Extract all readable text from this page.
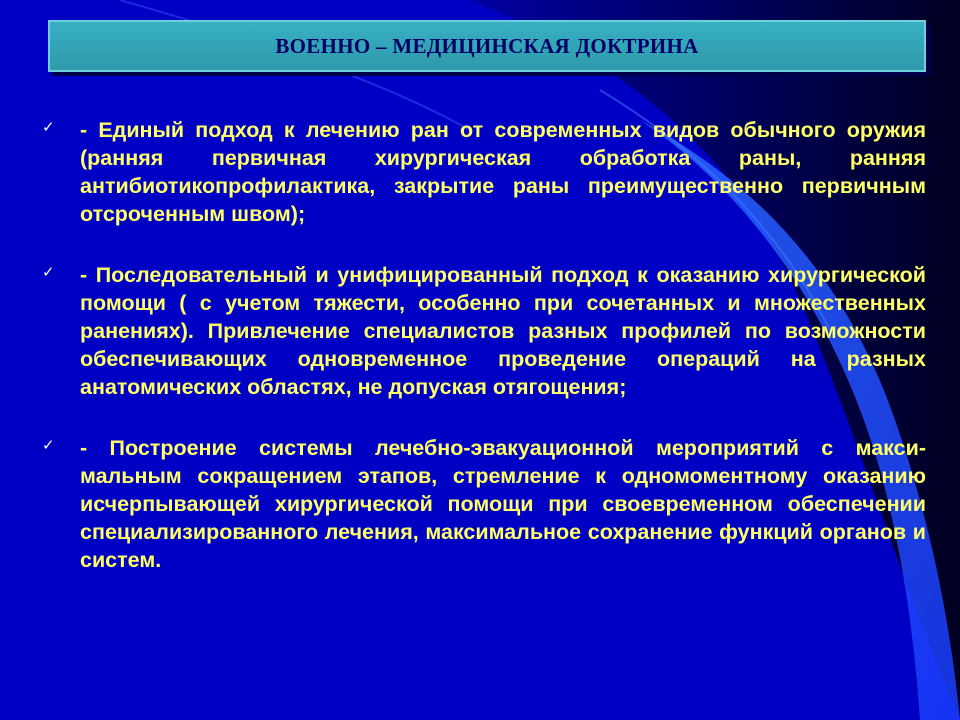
ВОЕННО – МЕДИЦИНСКАЯ ДОКТРИНА
✓ - Единый подход к лечению ран от современных видов обычного оружия (ранняя первичная хирургическая обработка раны, ранняя антибиотикопрофилактика, закрытие раны преимущественно первичным отсроченным швом);

✓ - Последовательный и унифицированный подход к оказанию хирургической помощи ( с учетом тяжести, особенно при сочетанных и множественных ранениях). Привлечение специалистов разных профилей по возможности обеспечивающих одновременное проведение операций на разных анатомических областях, не допуская отягощения;

✓ - Построение системы лечебно-эвакуационной мероприятий с макси-мальным сокращением этапов, стремление к одномоментному оказанию исчерпывающей хирургической помощи при своевременном обеспечении специализированного лечения, максимальное сохранение функций органов и систем.
